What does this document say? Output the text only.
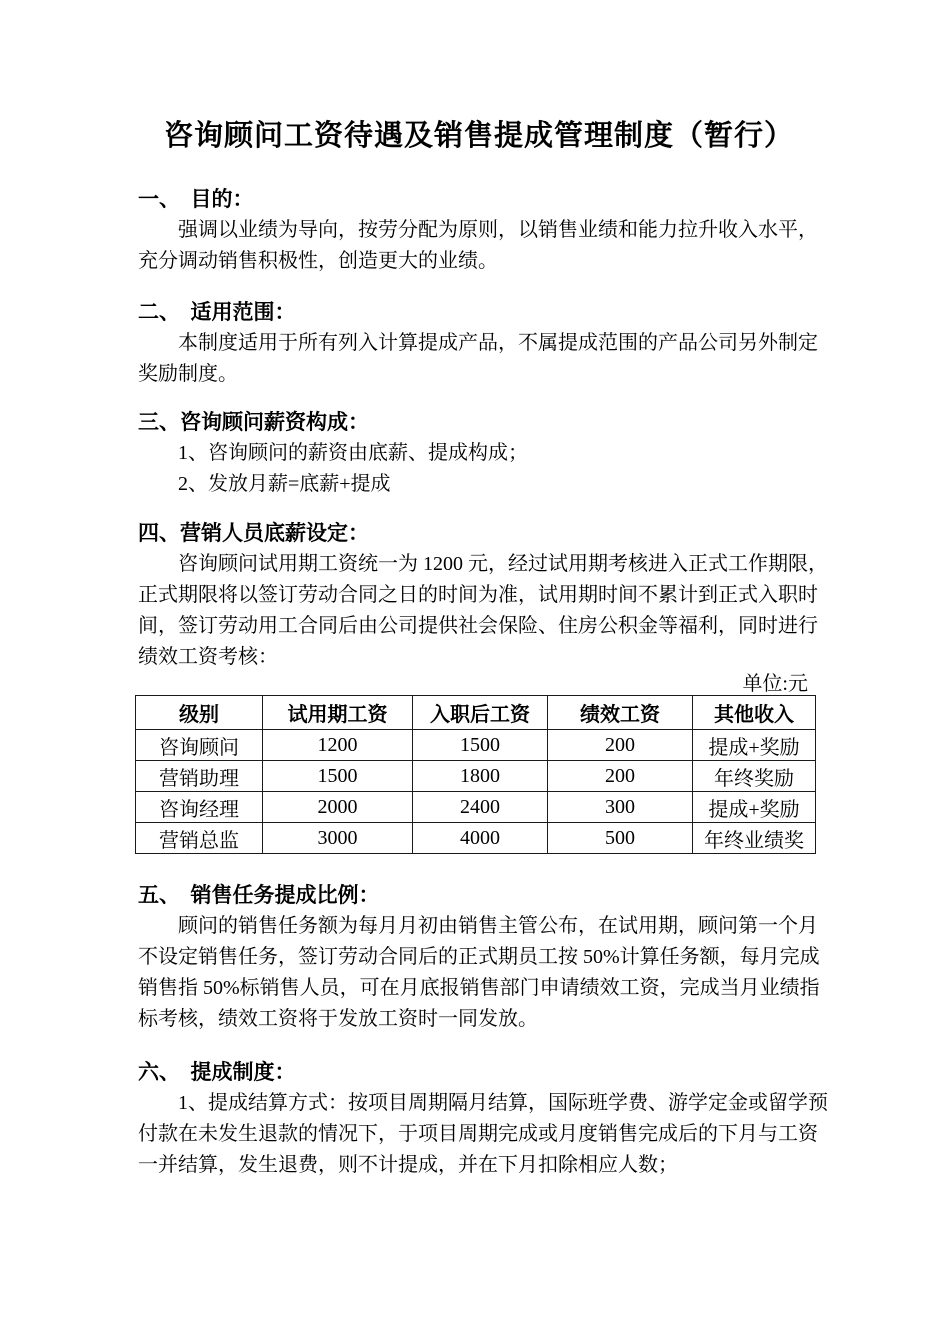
咨询顾问工资待遇及销售提成管理制度（暂行）
一、　目的：
强调以业绩为导向，按劳分配为原则，以销售业绩和能力拉升收入水平，
充分调动销售积极性，创造更大的业绩。
二、　适用范围：
本制度适用于所有列入计算提成产品，不属提成范围的产品公司另外制定
奖励制度。
三、咨询顾问薪资构成：
1、咨询顾问的薪资由底薪、提成构成；
2、发放月薪=底薪+提成
四、营销人员底薪设定：
咨询顾问试用期工资统一为 1200 元，经过试用期考核进入正式工作期限，
正式期限将以签订劳动合同之日的时间为准，试用期时间不累计到正式入职时
间，签订劳动用工合同后由公司提供社会保险、住房公积金等福利，同时进行
绩效工资考核：
单位:元
级别	试用期工资	入职后工资	绩效工资	其他收入
咨询顾问	1200	1500	200	提成+奖励
营销助理	1500	1800	200	年终奖励
咨询经理	2000	2400	300	提成+奖励
营销总监	3000	4000	500	年终业绩奖
五、　销售任务提成比例：
顾问的销售任务额为每月月初由销售主管公布，在试用期，顾问第一个月
不设定销售任务，签订劳动合同后的正式期员工按 50%计算任务额，每月完成
销售指 50%标销售人员，可在月底报销售部门申请绩效工资，完成当月业绩指
标考核，绩效工资将于发放工资时一同发放。
六、　提成制度：
1、提成结算方式：按项目周期隔月结算，国际班学费、游学定金或留学预
付款在未发生退款的情况下，于项目周期完成或月度销售完成后的下月与工资
一并结算，发生退费，则不计提成，并在下月扣除相应人数；
